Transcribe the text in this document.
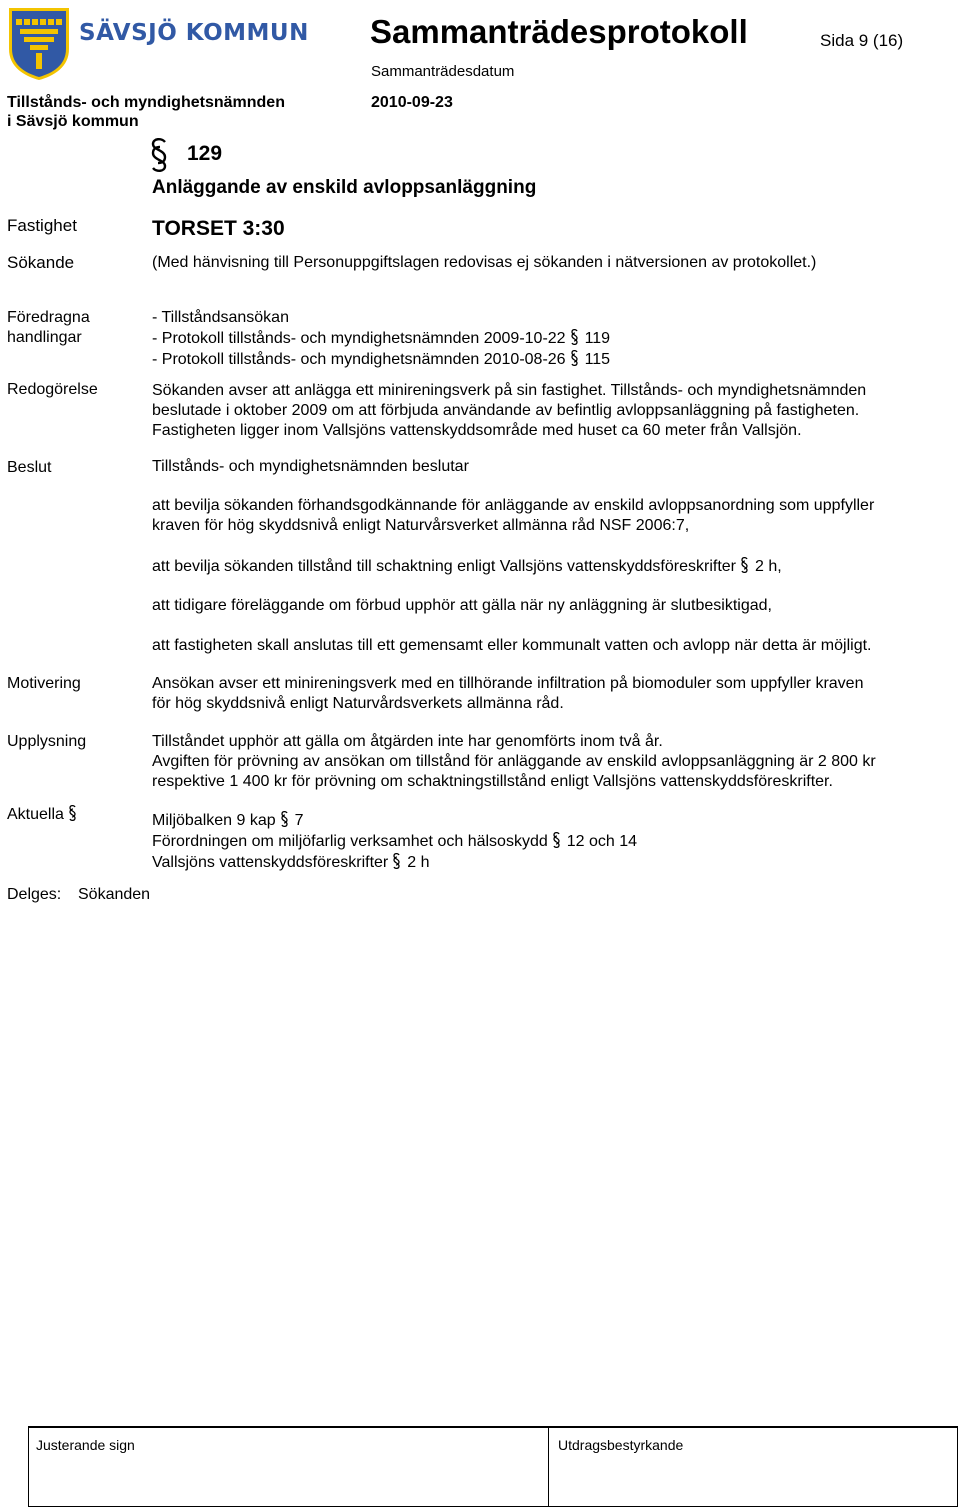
SÄVSJÖ KOMMUN Sammanträdesprotokoll	Sida 9 (16)
Sammanträdesdatum
Tillstånds- och myndighetsnämnden	2010-09-23
i Sävsjö kommun
129
Anläggande av enskild avloppsanläggning
Fastighet	TORSET 3:30
Sökande	(Med hänvisning till Personuppgiftslagen redovisas ej sökanden i nätversionen av protokollet.)
Föredragna
handlingar
- Tillståndsansökan
- Protokoll tillstånds- och myndighetsnämnden 2009-10-22 119
- Protokoll tillstånds- och myndighetsnämnden 2010-08-26 115
Redogörelse	Sökanden avser att anlägga ett minireningsverk på sin fastighet. Tillstånds- och myndighetsnämnden
beslutade i oktober 2009 om att förbjuda användande av befintlig avloppsanläggning på fastigheten.
Fastigheten ligger inom Vallsjöns vattenskyddsområde med huset ca 60 meter från Vallsjön.
Beslut	Tillstånds- och myndighetsnämnden beslutar
att bevilja sökanden förhandsgodkännande för anläggande av enskild avloppsanordning som uppfyller
kraven för hög skyddsnivå enligt Naturvårsverket allmänna råd NSF 2006:7,
att bevilja sökanden tillstånd till schaktning enligt Vallsjöns vattenskyddsföreskrifter 2 h,
att tidigare föreläggande om förbud upphör att gälla när ny anläggning är slutbesiktigad,
att fastigheten skall anslutas till ett gemensamt eller kommunalt vatten och avlopp när detta är möjligt.
Motivering	Ansökan avser ett minireningsverk med en tillhörande infiltration på biomoduler som uppfyller kraven
för hög skyddsnivå enligt Naturvårdsverkets allmänna råd.
Upplysning	Tillståndet upphör att gälla om åtgärden inte har genomförts inom två år.
Avgiften för prövning av ansökan om tillstånd för anläggande av enskild avloppsanläggning är 2 800 kr
respektive 1 400 kr för prövning om schaktningstillstånd enligt Vallsjöns vattenskyddsföreskrifter.
Aktuella	Miljöbalken 9 kap 7
Förordningen om miljöfarlig verksamhet och hälsoskydd 12 och 14
Vallsjöns vattenskyddsföreskrifter 2 h
Delges: Sökanden
Justerande sign	Utdragsbestyrkande
